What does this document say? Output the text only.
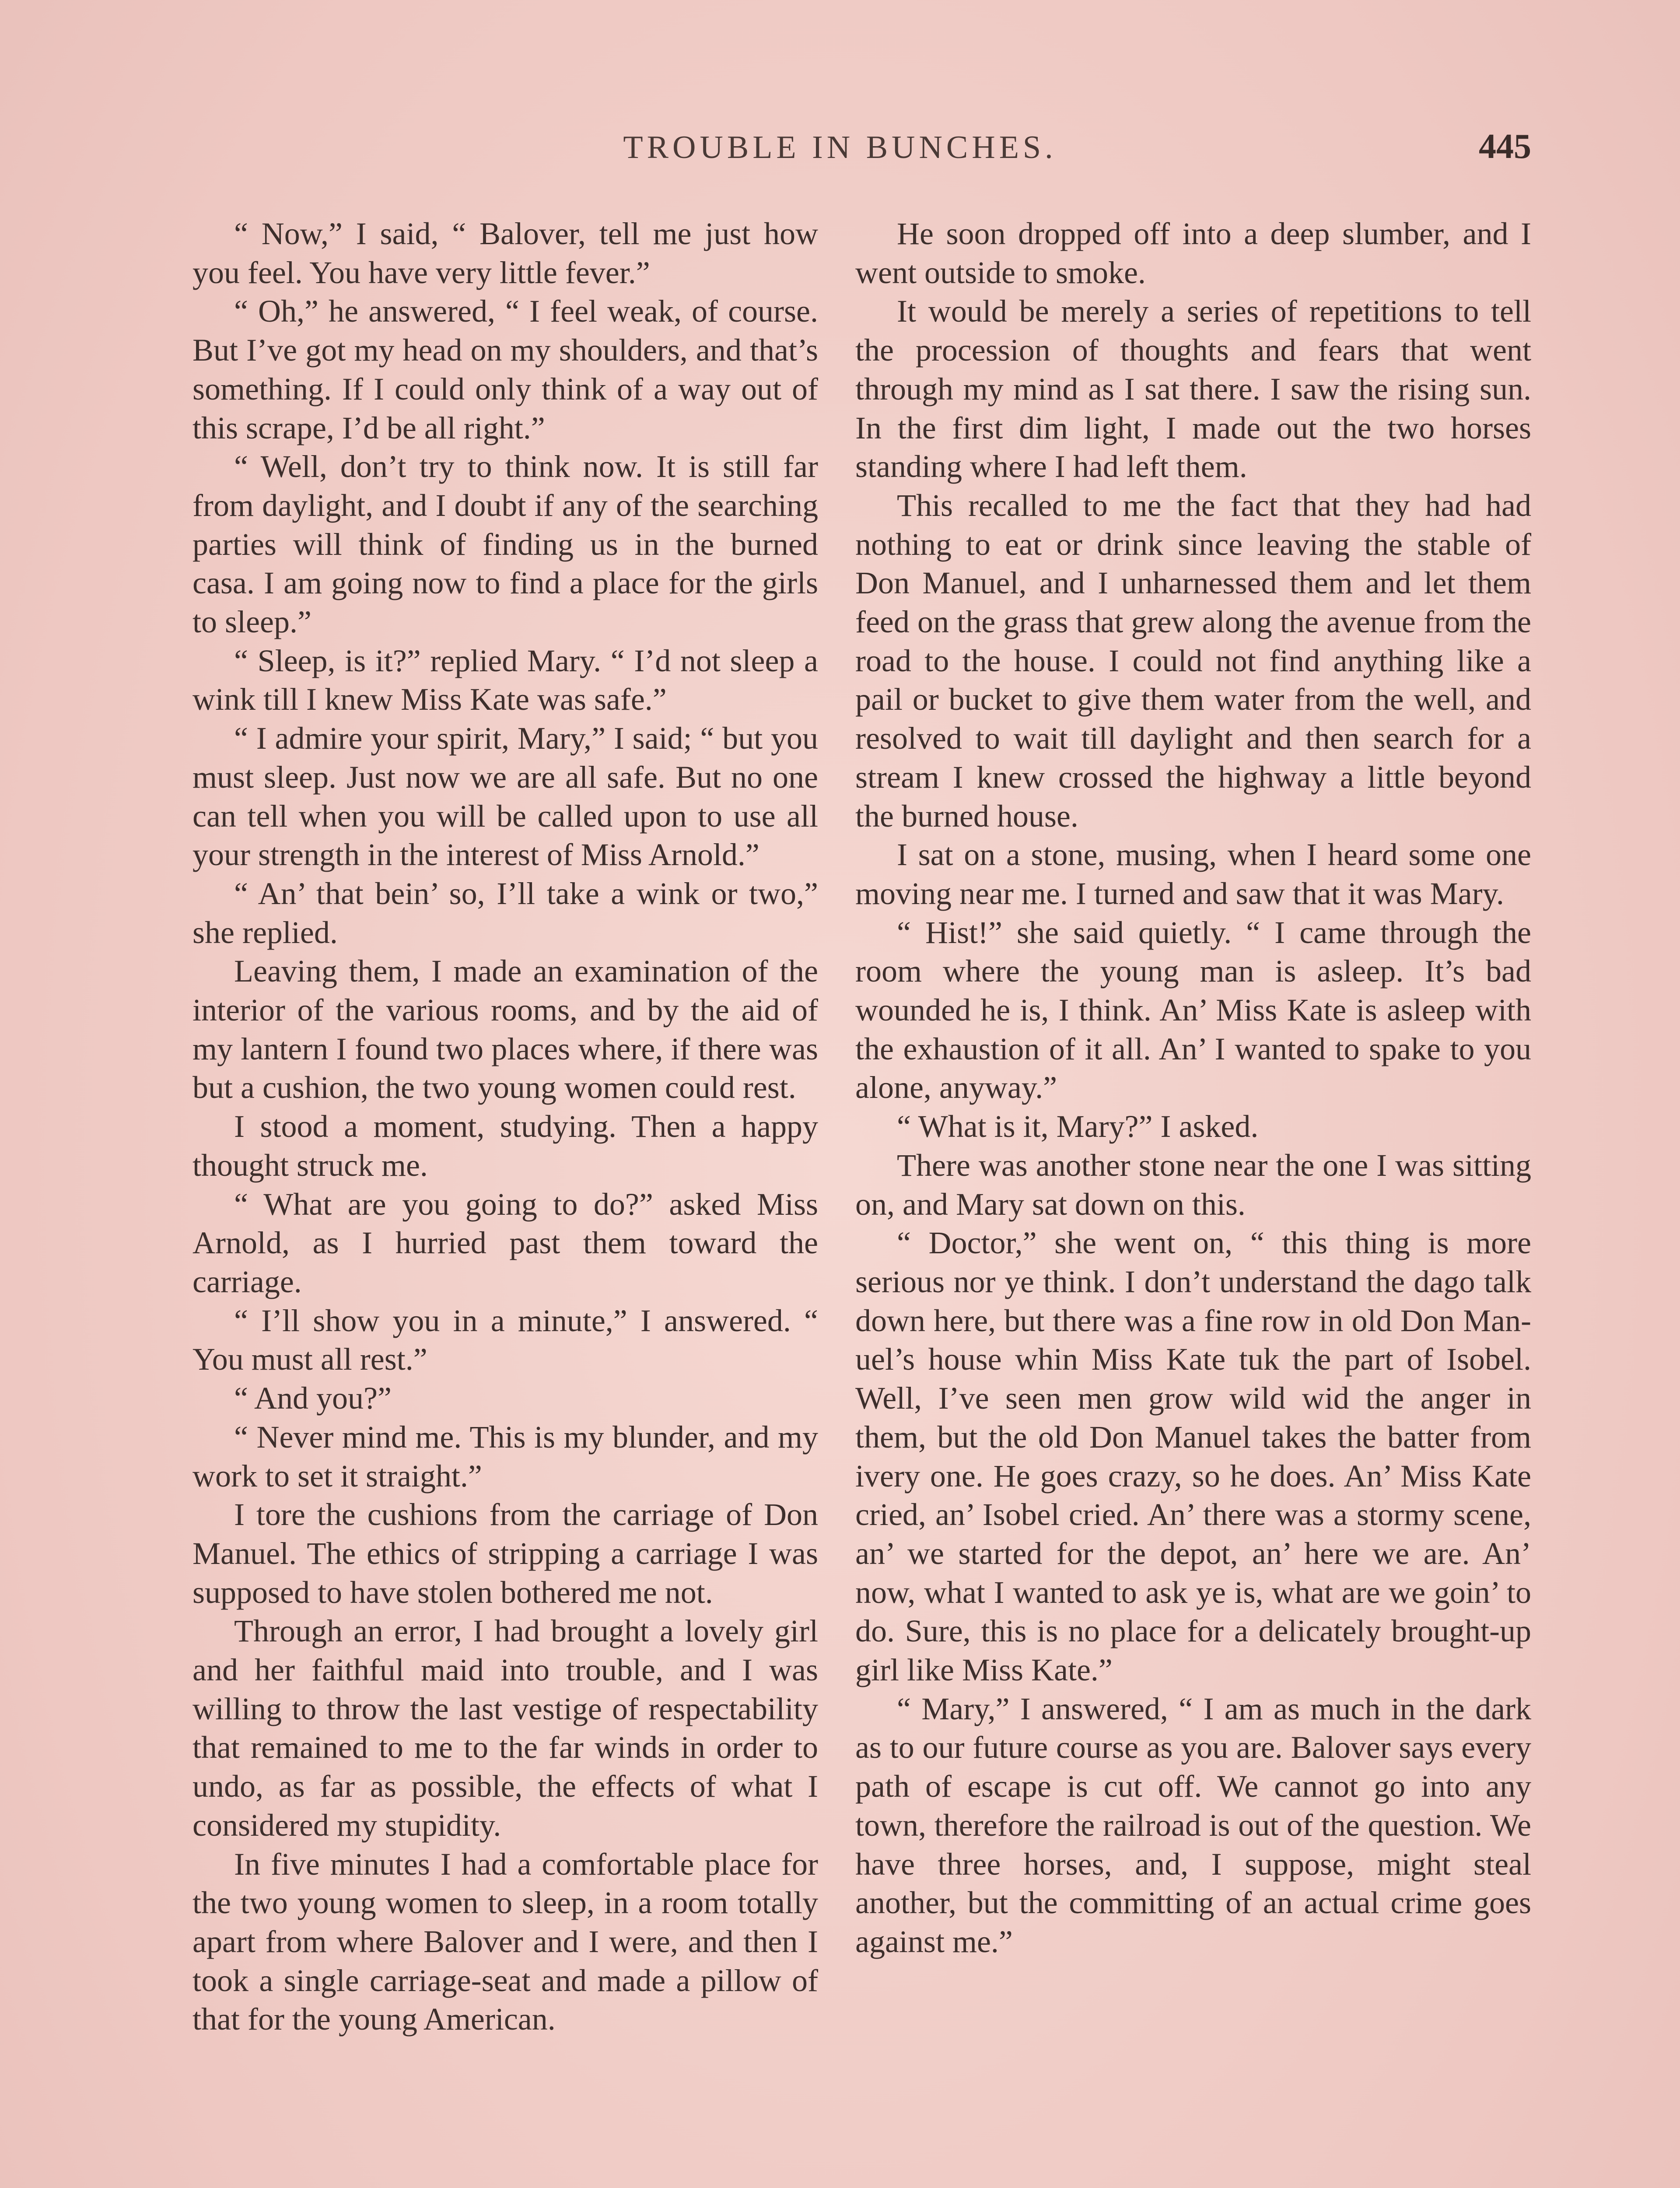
TROUBLE IN BUNCHES.	445

“ Now,” I said, “ Balover, tell me just how you feel. You have very little fever.”

“ Oh,” he answered, “ I feel weak, of course. But I’ve got my head on my shoulders, and that’s something. If I could only think of a way out of this scrape, I’d be all right.”

“ Well, don’t try to think now. It is still far from daylight, and I doubt if any of the searching parties will think of finding us in the burned casa. I am going now to find a place for the girls to sleep.”

“ Sleep, is it?” replied Mary. “ I’d not sleep a wink till I knew Miss Kate was safe.”

“ I admire your spirit, Mary,” I said; “ but you must sleep. Just now we are all safe. But no one can tell when you will be called upon to use all your strength in the interest of Miss Arnold.”

“ An’ that bein’ so, I’ll take a wink or two,” she replied.

Leaving them, I made an examination of the interior of the various rooms, and by the aid of my lantern I found two places where, if there was but a cushion, the two young women could rest.

I stood a moment, studying. Then a happy thought struck me.

“ What are you going to do?” asked Miss Arnold, as I hurried past them toward the carriage.

“ I’ll show you in a minute,” I answered. “ You must all rest.”

“ And you?”

“ Never mind me. This is my blunder, and my work to set it straight.”

I tore the cushions from the carriage of Don Manuel. The ethics of stripping a carriage I was supposed to have stolen bothered me not.

Through an error, I had brought a lovely girl and her faithful maid into trouble, and I was willing to throw the last vestige of respectability that remained to me to the far winds in order to undo, as far as possible, the effects of what I considered my stupidity.

In five minutes I had a comfortable place for the two young women to sleep, in a room totally apart from where Balover and I were, and then I took a single carriage-seat and made a pillow of that for the young American.

He soon dropped off into a deep slumber, and I went outside to smoke.

It would be merely a series of repetitions to tell the procession of thoughts and fears that went through my mind as I sat there. I saw the rising sun. In the first dim light, I made out the two horses standing where I had left them.

This recalled to me the fact that they had had nothing to eat or drink since leaving the stable of Don Manuel, and I unharnessed them and let them feed on the grass that grew along the avenue from the road to the house. I could not find anything like a pail or bucket to give them water from the well, and resolved to wait till daylight and then search for a stream I knew crossed the highway a little beyond the burned house.

I sat on a stone, musing, when I heard some one moving near me. I turned and saw that it was Mary.

“ Hist!” she said quietly. “ I came through the room where the young man is asleep. It’s bad wounded he is, I think. An’ Miss Kate is asleep with the exhaustion of it all. An’ I wanted to spake to you alone, anyway.”

“ What is it, Mary?” I asked.

There was another stone near the one I was sitting on, and Mary sat down on this.

“ Doctor,” she went on, “ this thing is more serious nor ye think. I don’t understand the dago talk down here, but there was a fine row in old Don Manuel’s house whin Miss Kate tuk the part of Isobel. Well, I’ve seen men grow wild wid the anger in them, but the old Don Manuel takes the batter from ivery one. He goes crazy, so he does. An’ Miss Kate cried, an’ Isobel cried. An’ there was a stormy scene, an’ we started for the depot, an’ here we are. An’ now, what I wanted to ask ye is, what are we goin’ to do. Sure, this is no place for a delicately brought-up girl like Miss Kate.”

“ Mary,” I answered, “ I am as much in the dark as to our future course as you are. Balover says every path of escape is cut off. We cannot go into any town, therefore the railroad is out of the question. We have three horses, and, I suppose, might steal another, but the committing of an actual crime goes against me.”
